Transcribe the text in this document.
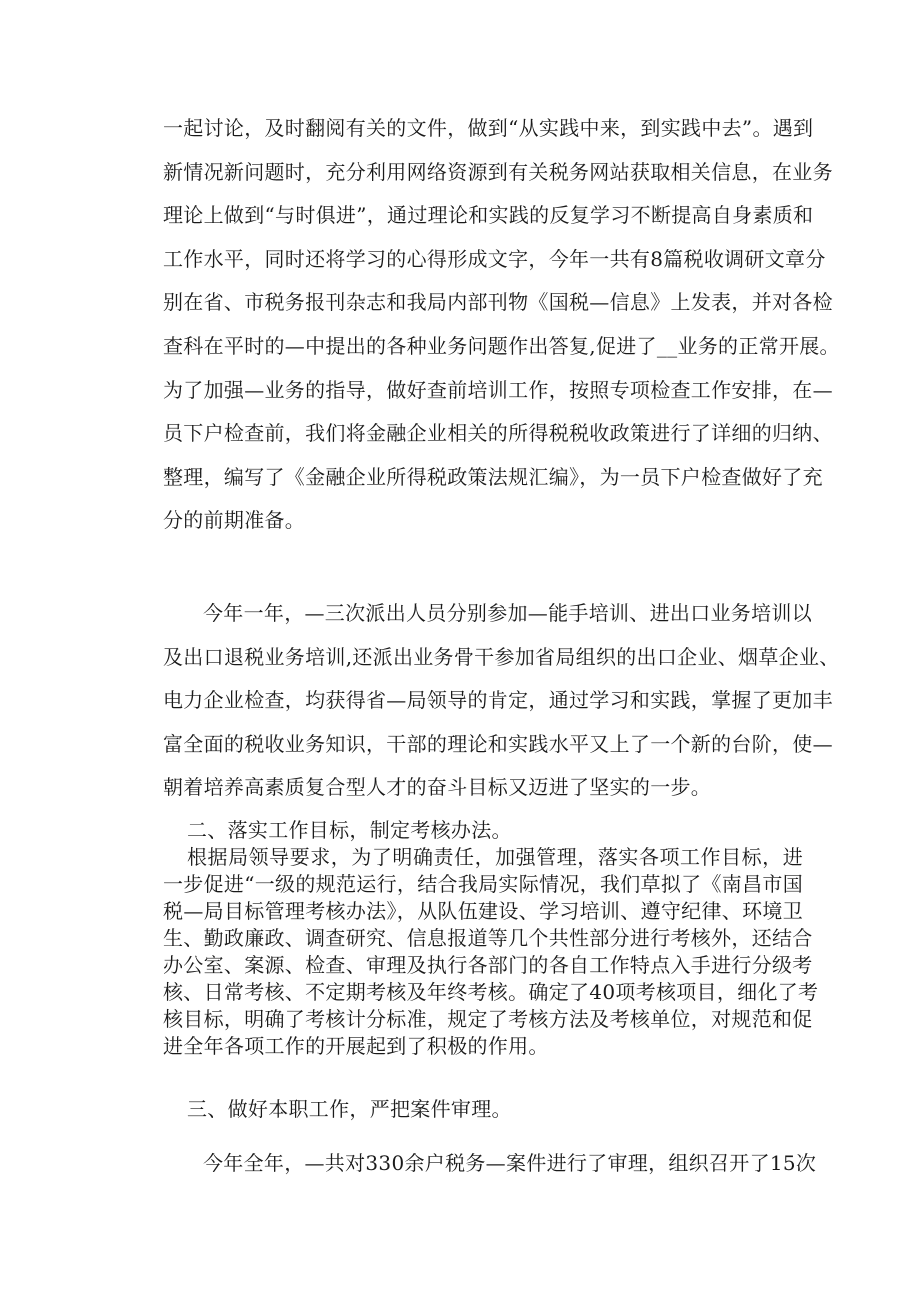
一起讨论，及时翻阅有关的文件，做到“从实践中来，到实践中去”。遇到
新情况新问题时，充分利用网络资源到有关税务网站获取相关信息，在业务
理论上做到“与时俱进”，通过理论和实践的反复学习不断提高自身素质和
工作水平，同时还将学习的心得形成文字，今年一共有8篇税收调研文章分
别在省、市税务报刊杂志和我局内部刊物《国税—信息》上发表，并对各检
查科在平时的—中提出的各种业务问题作出答复,促进了__业务的正常开展。
为了加强—业务的指导，做好查前培训工作，按照专项检查工作安排，在—
员下户检查前，我们将金融企业相关的所得税税收政策进行了详细的归纳、
整理，编写了《金融企业所得税政策法规汇编》，为一员下户检查做好了充
分的前期准备。
今年一年，—三次派出人员分别参加—能手培训、进出口业务培训以
及出口退税业务培训,还派出业务骨干参加省局组织的出口企业、烟草企业、
电力企业检查，均获得省—局领导的肯定，通过学习和实践，掌握了更加丰
富全面的税收业务知识，干部的理论和实践水平又上了一个新的台阶，使—
朝着培养高素质复合型人才的奋斗目标又迈进了坚实的一步。
二、落实工作目标，制定考核办法。
根据局领导要求，为了明确责任，加强管理，落实各项工作目标，进
一步促进“一级的规范运行，结合我局实际情况，我们草拟了《南昌市国
税—局目标管理考核办法》，从队伍建设、学习培训、遵守纪律、环境卫
生、勤政廉政、调查研究、信息报道等几个共性部分进行考核外，还结合
办公室、案源、检查、审理及执行各部门的各自工作特点入手进行分级考
核、日常考核、不定期考核及年终考核。确定了40项考核项目，细化了考
核目标，明确了考核计分标准，规定了考核方法及考核单位，对规范和促
进全年各项工作的开展起到了积极的作用。
三、做好本职工作，严把案件审理。
今年全年，—共对330余户税务—案件进行了审理，组织召开了15次
